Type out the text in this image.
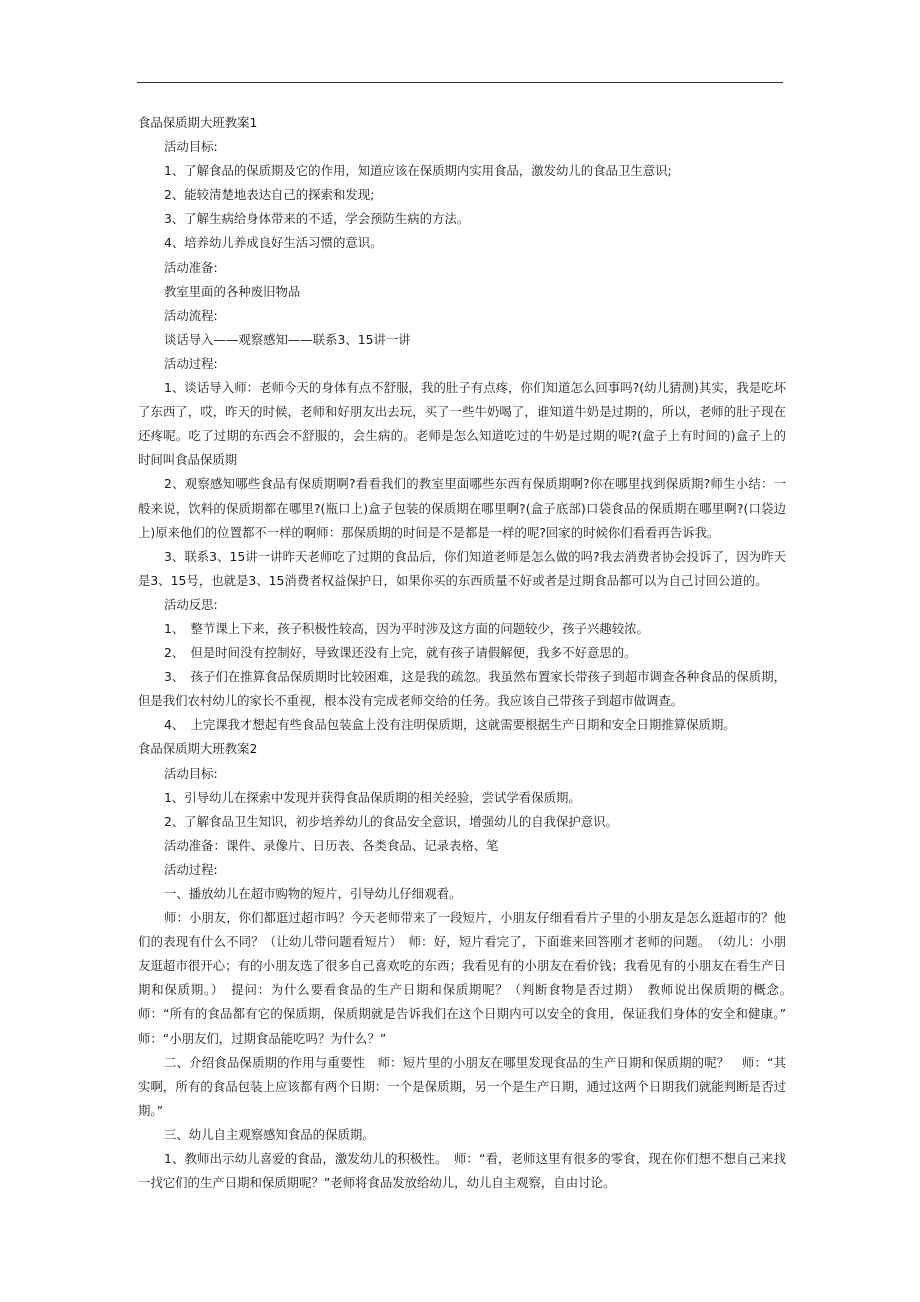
食品保质期大班教案1

活动目标:

1、了解食品的保质期及它的作用，知道应该在保质期内实用食品，激发幼儿的食品卫生意识;

2、能较清楚地表达自己的探索和发现;

3、了解生病给身体带来的不适，学会预防生病的方法。

4、培养幼儿养成良好生活习惯的意识。

活动准备:

教室里面的各种废旧物品

活动流程:

谈话导入——观察感知——联系3、15讲一讲

活动过程:

1、谈话导入师：老师今天的身体有点不舒服，我的肚子有点疼，你们知道怎么回事吗?(幼儿猜测)其实，我是吃坏了东西了，哎，昨天的时候，老师和好朋友出去玩，买了一些牛奶喝了，谁知道牛奶是过期的，所以，老师的肚子现在还疼呢。吃了过期的东西会不舒服的，会生病的。老师是怎么知道吃过的牛奶是过期的呢?(盒子上有时间的)盒子上的时间叫食品保质期

2、观察感知哪些食品有保质期啊?看看我们的教室里面哪些东西有保质期啊?你在哪里找到保质期?师生小结：一般来说，饮料的保质期都在哪里?(瓶口上)盒子包装的保质期在哪里啊?(盒子底部)口袋食品的保质期在哪里啊?(口袋边上)原来他们的位置都不一样的啊师：那保质期的时间是不是都是一样的呢?回家的时候你们看看再告诉我。

3、联系3、15讲一讲昨天老师吃了过期的食品后，你们知道老师是怎么做的吗?我去消费者协会投诉了，因为昨天是3、15号，也就是3、15消费者权益保护日，如果你买的东西质量不好或者是过期食品都可以为自己讨回公道的。

活动反思:

1、　整节课上下来，孩子积极性较高，因为平时涉及这方面的问题较少，孩子兴趣较浓。

2、　但是时间没有控制好，导致课还没有上完，就有孩子请假解便，我多不好意思的。

3、　孩子们在推算食品保质期时比较困难，这是我的疏忽。我虽然布置家长带孩子到超市调查各种食品的保质期，但是我们农村幼儿的家长不重视，根本没有完成老师交给的任务。我应该自己带孩子到超市做调查。

4、　上完课我才想起有些食品包装盒上没有注明保质期，这就需要根据生产日期和安全日期推算保质期。

食品保质期大班教案2

活动目标:

1、引导幼儿在探索中发现并获得食品保质期的相关经验，尝试学看保质期。

2、了解食品卫生知识，初步培养幼儿的食品安全意识，增强幼儿的自我保护意识。

活动准备：课件、录像片、日历表、各类食品、记录表格、笔

活动过程:

一、播放幼儿在超市购物的短片，引导幼儿仔细观看。

师：小朋友，你们都逛过超市吗？今天老师带来了一段短片，小朋友仔细看看片子里的小朋友是怎么逛超市的？他们的表现有什么不同？（让幼儿带问题看短片）　师：好，短片看完了，下面谁来回答刚才老师的问题。　（幼儿：小朋友逛超市很开心；有的小朋友选了很多自己喜欢吃的东西；我看见有的小朋友在看价钱；我看见有的小朋友在看生产日期和保质期。）　提问：为什么要看食品的生产日期和保质期呢？（判断食物是否过期）　教师说出保质期的概念。　师：“所有的食品都有它的保质期，保质期就是告诉我们在这个日期内可以安全的食用，保证我们身体的安全和健康。”　师：“小朋友们，过期食品能吃吗？为什么？”

二、介绍食品保质期的作用与重要性　师：短片里的小朋友在哪里发现食品的生产日期和保质期的呢？　师：“其实啊，所有的食品包装上应该都有两个日期：一个是保质期，另一个是生产日期，通过这两个日期我们就能判断是否过期。”

三、幼儿自主观察感知食品的保质期。

1、教师出示幼儿喜爱的食品，激发幼儿的积极性。　师：“看，老师这里有很多的零食，现在你们想不想自己来找一找它们的生产日期和保质期呢？”老师将食品发放给幼儿，幼儿自主观察，自由讨论。
